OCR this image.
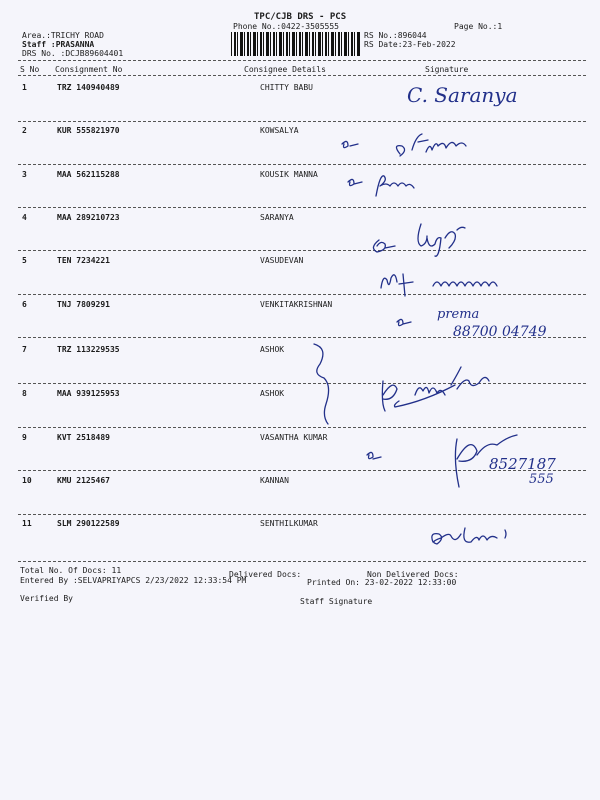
TPC/CJB DRS - PCS
Phone No.:0422-3505555	Page No.:1
Area.:TRICHY ROAD
Staff :PRASANNA
DRS No. :DCJB89604401
RS No.:896044
RS Date:23-Feb-2022
S No Consignment No	Consignee Details	Signature
1	TRZ 140940489	CHITTY BABU
2	KUR 555821970	KOWSALYA
3	MAA 562115288	KOUSIK MANNA
4	MAA 289210723	SARANYA
5	TEN 7234221	VASUDEVAN
6	TNJ 7809291	VENKITAKRISHNAN
7	TRZ 113229535	ASHOK
8	MAA 939125953	ASHOK
9	KVT 2518489	VASANTHA KUMAR
10	KMU 2125467	KANNAN
11	SLM 290122589	SENTHILKUMAR
C. Saranya
prema
88700 04749
8527187
555
Total No. Of Docs: 11	Delivered Docs:	Non Delivered Docs:
Entered By :SELVAPRIYAPCS 2/23/2022 12:33:54 PM	Printed On: 23-02-2022 12:33:00
Verified By	Staff Signature
